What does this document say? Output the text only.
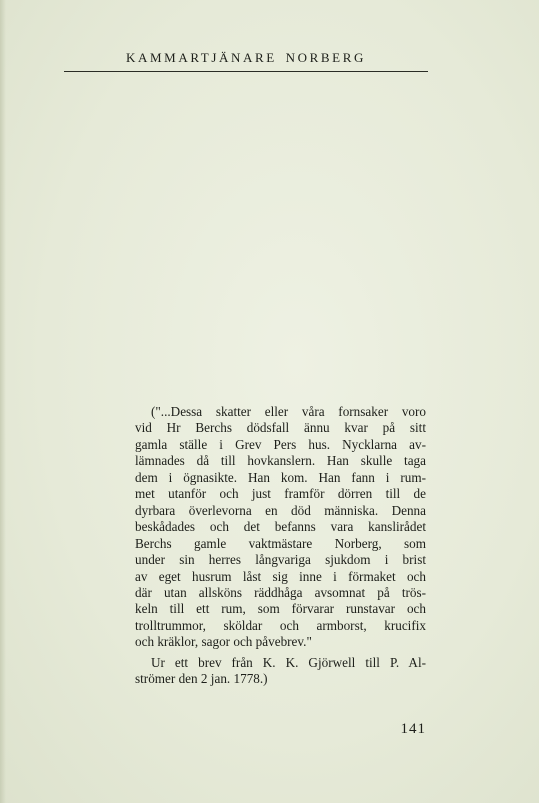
KAMMARTJÄNARE NORBERG
("...Dessa skatter eller våra fornsaker voro
vid Hr Berchs dödsfall ännu kvar på sitt
gamla ställe i Grev Pers hus. Nycklarna av-
lämnades då till hovkanslern. Han skulle taga
dem i ögnasikte. Han kom. Han fann i rum-
met utanför och just framför dörren till de
dyrbara överlevorna en död människa. Denna
beskådades och det befanns vara kanslirådet
Berchs gamle vaktmästare Norberg, som
under sin herres långvariga sjukdom i brist
av eget husrum låst sig inne i förmaket och
där utan allsköns räddhåga avsomnat på trös-
keln till ett rum, som förvarar runstavar och
trolltrummor, sköldar och armborst, krucifix
och kräklor, sagor och påvebrev."
Ur ett brev från K. K. Gjörwell till P. Al-
strömer den 2 jan. 1778.)
141
